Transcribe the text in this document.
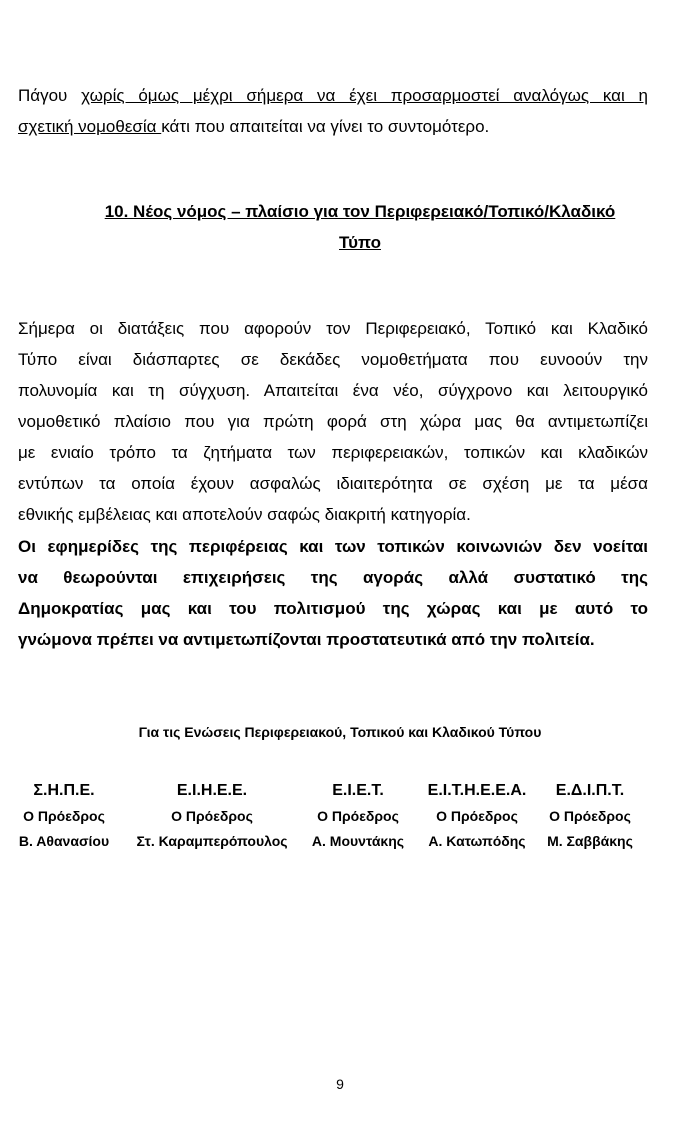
Πάγου χωρίς όμως μέχρι σήμερα να έχει προσαρμοστεί αναλόγως και η
σχετική νομοθεσία κάτι που απαιτείται να γίνει το συντομότερο.

10. Νέος νόμος – πλαίσιο για τον Περιφερειακό/Τοπικό/Κλαδικό
Τύπο

Σήμερα οι διατάξεις που αφορούν τον Περιφερειακό, Τοπικό και Κλαδικό
Τύπο είναι διάσπαρτες σε δεκάδες νομοθετήματα που ευνοούν την
πολυνομία και τη σύγχυση. Απαιτείται ένα νέο, σύγχρονο και λειτουργικό
νομοθετικό πλαίσιο που για πρώτη φορά στη χώρα μας θα αντιμετωπίζει
με ενιαίο τρόπο τα ζητήματα των περιφερειακών, τοπικών και κλαδικών
εντύπων τα οποία έχουν ασφαλώς ιδιαιτερότητα σε σχέση με τα μέσα
εθνικής εμβέλειας και αποτελούν σαφώς διακριτή κατηγορία.

Οι εφημερίδες της περιφέρειας και των τοπικών κοινωνιών δεν νοείται
να θεωρούνται επιχειρήσεις της αγοράς αλλά συστατικό της
Δημοκρατίας μας και του πολιτισμού της χώρας και με αυτό το
γνώμονα πρέπει να αντιμετωπίζονται προστατευτικά από την πολιτεία.

Για τις Ενώσεις Περιφερειακού, Τοπικού και Κλαδικού Τύπου

Σ.Η.Π.Ε.
Ο Πρόεδρος
Β. Αθανασίου
Ε.Ι.Η.Ε.Ε.
Ο Πρόεδρος
Στ. Καραμπερόπουλος
Ε.Ι.Ε.Τ.
Ο Πρόεδρος
Α. Μουντάκης
Ε.Ι.Τ.Η.Ε.Ε.Α.
Ο Πρόεδρος
Α. Κατωπόδης
Ε.Δ.Ι.Π.Τ.
Ο Πρόεδρος
Μ. Σαββάκης
9
